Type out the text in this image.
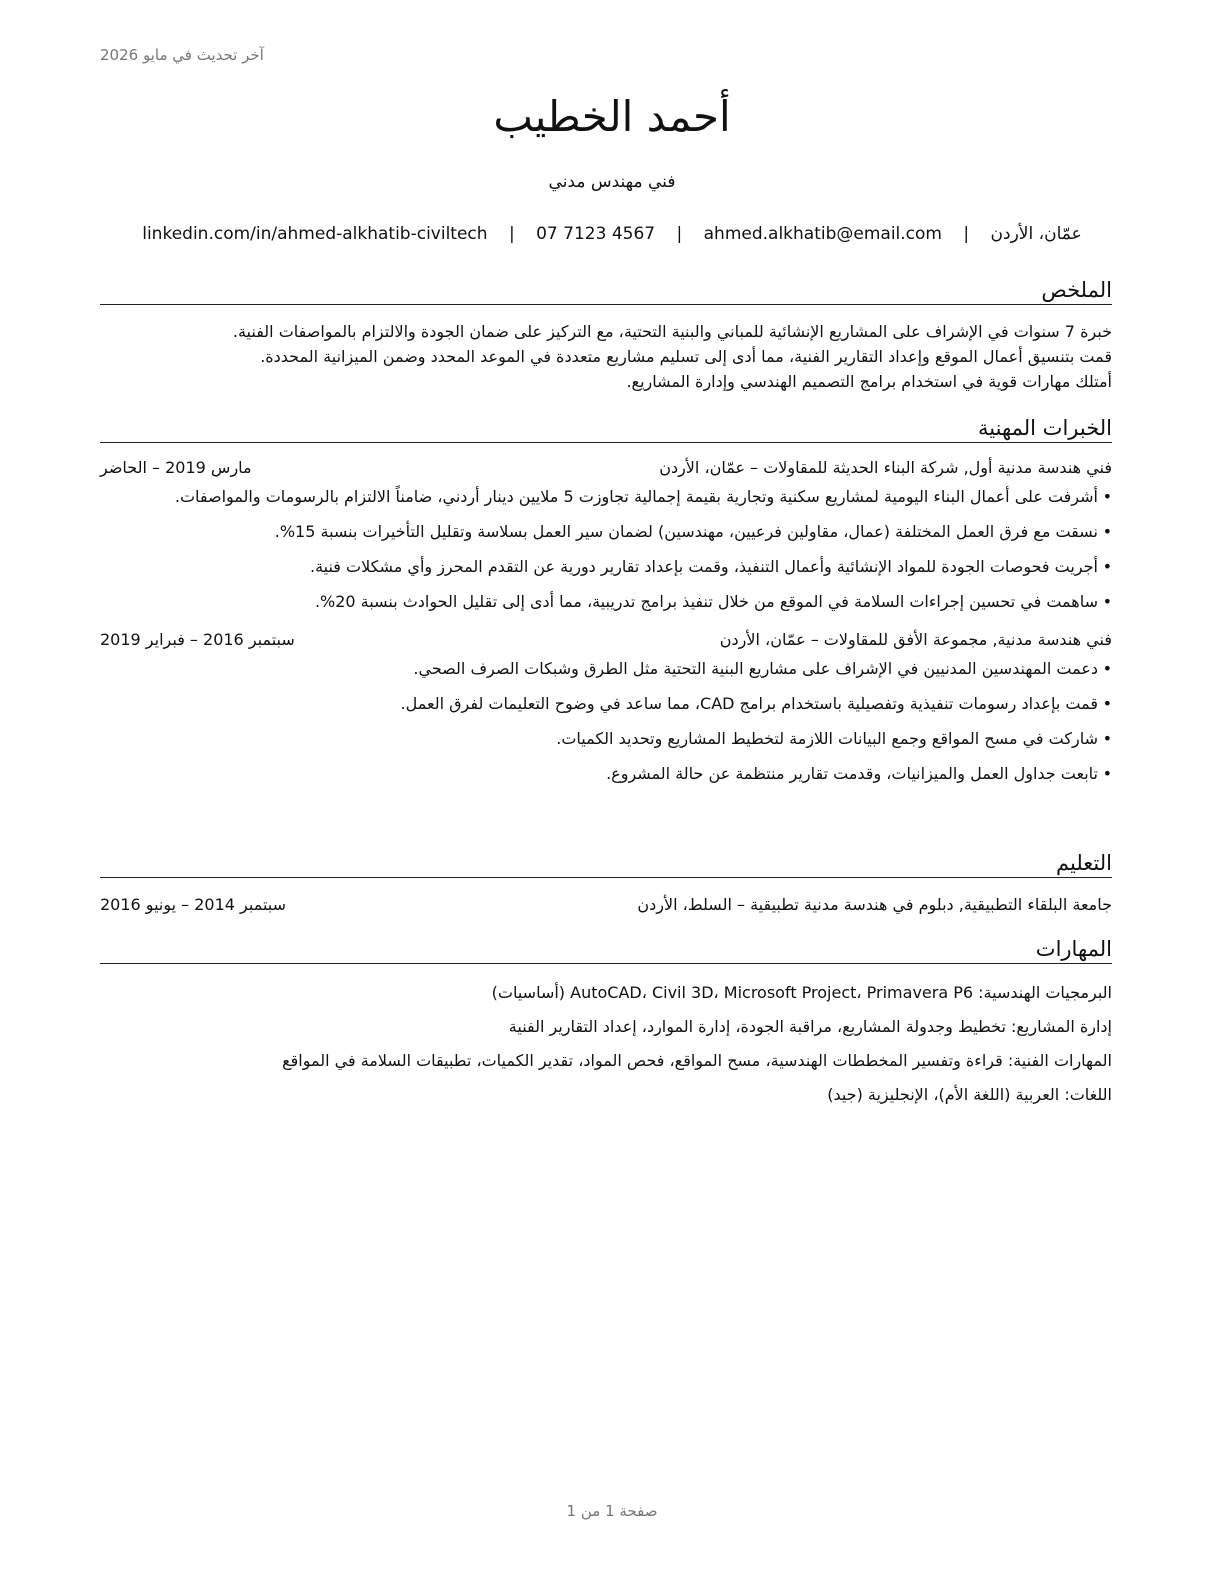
آخر تحديث في مايو 2026
أحمد الخطيب
فني مهندس مدني
عمّان، الأردن | ahmed.alkhatib@email.com | 07 7123 4567 | linkedin.com/in/ahmed-alkhatib-civiltech
الملخص
خبرة 7 سنوات في الإشراف على المشاريع الإنشائية للمباني والبنية التحتية، مع التركيز على ضمان الجودة والالتزام بالمواصفات الفنية.
قمت بتنسيق أعمال الموقع وإعداد التقارير الفنية، مما أدى إلى تسليم مشاريع متعددة في الموعد المحدد وضمن الميزانية المحددة.
أمتلك مهارات قوية في استخدام برامج التصميم الهندسي وإدارة المشاريع.
الخبرات المهنية
فني هندسة مدنية أول, شركة البناء الحديثة للمقاولات – عمّان، الأردن
مارس 2019 – الحاضر
• أشرفت على أعمال البناء اليومية لمشاريع سكنية وتجارية بقيمة إجمالية تجاوزت 5 ملايين دينار أردني، ضامناً الالتزام بالرسومات والمواصفات.
• نسقت مع فرق العمل المختلفة (عمال، مقاولين فرعيين، مهندسين) لضمان سير العمل بسلاسة وتقليل التأخيرات بنسبة 15%.
• أجريت فحوصات الجودة للمواد الإنشائية وأعمال التنفيذ، وقمت بإعداد تقارير دورية عن التقدم المحرز وأي مشكلات فنية.
• ساهمت في تحسين إجراءات السلامة في الموقع من خلال تنفيذ برامج تدريبية، مما أدى إلى تقليل الحوادث بنسبة 20%.
فني هندسة مدنية, مجموعة الأفق للمقاولات – عمّان، الأردن
سبتمبر 2016 – فبراير 2019
• دعمت المهندسين المدنيين في الإشراف على مشاريع البنية التحتية مثل الطرق وشبكات الصرف الصحي.
• قمت بإعداد رسومات تنفيذية وتفصيلية باستخدام برامج CAD، مما ساعد في وضوح التعليمات لفرق العمل.
• شاركت في مسح المواقع وجمع البيانات اللازمة لتخطيط المشاريع وتحديد الكميات.
• تابعت جداول العمل والميزانيات، وقدمت تقارير منتظمة عن حالة المشروع.
التعليم
جامعة البلقاء التطبيقية, دبلوم في هندسة مدنية تطبيقية – السلط، الأردن
سبتمبر 2014 – يونيو 2016
المهارات
البرمجيات الهندسية: AutoCAD، Civil 3D، Microsoft Project، Primavera P6 (أساسيات)
إدارة المشاريع: تخطيط وجدولة المشاريع، مراقبة الجودة، إدارة الموارد، إعداد التقارير الفنية
المهارات الفنية: قراءة وتفسير المخططات الهندسية، مسح المواقع، فحص المواد، تقدير الكميات، تطبيقات السلامة في المواقع
اللغات: العربية (اللغة الأم)، الإنجليزية (جيد)
صفحة 1 من 1
